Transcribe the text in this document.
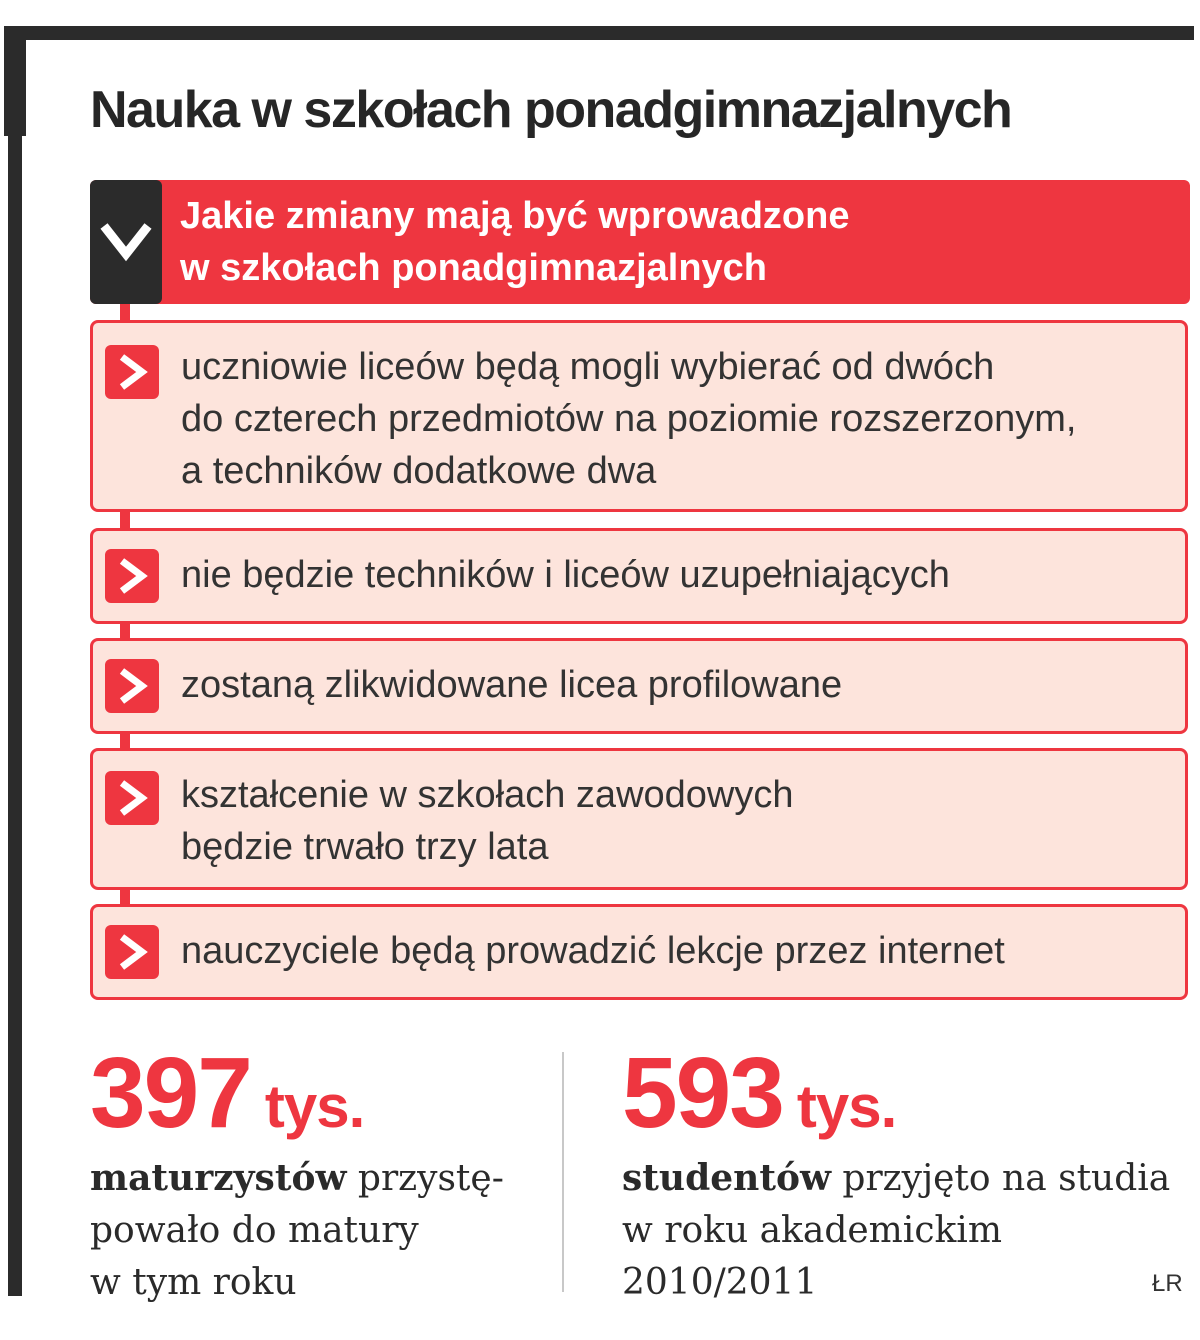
Nauka w szkołach ponadgimnazjalnych
Jakie zmiany mają być wprowadzone
w szkołach ponadgimnazjalnych
uczniowie liceów będą mogli wybierać od dwóch
do czterech przedmiotów na poziomie rozszerzonym,
a techników dodatkowe dwa
nie będzie techników i liceów uzupełniających
zostaną zlikwidowane licea profilowane
kształcenie w szkołach zawodowych
będzie trwało trzy lata
nauczyciele będą prowadzić lekcje przez internet
397 tys.
maturzystów przystę-
powało do matury
w tym roku
593 tys.
studentów przyjęto na studia
w roku akademickim
2010/2011	ŁR
